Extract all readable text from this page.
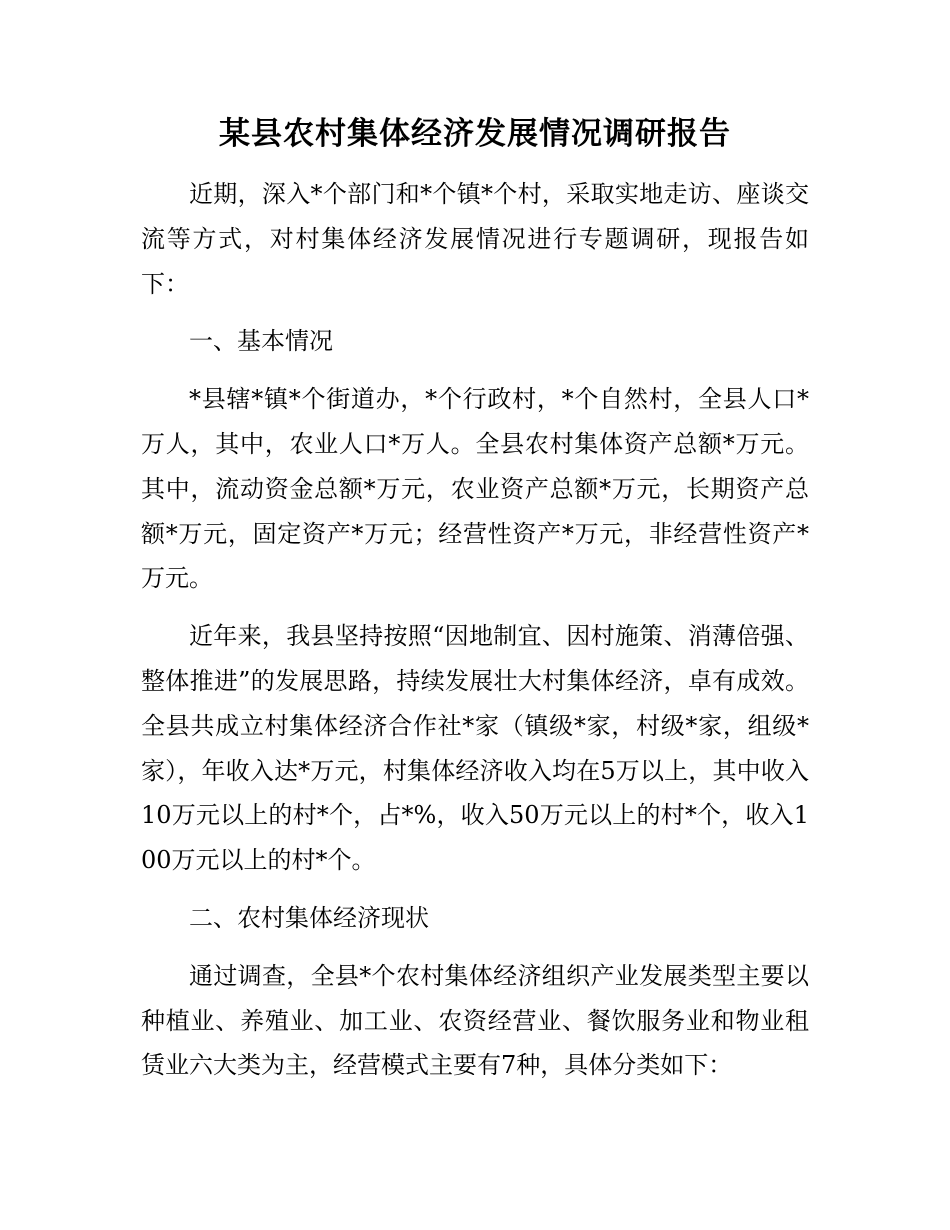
某县农村集体经济发展情况调研报告

近期，深入*个部门和*个镇*个村，采取实地走访、座谈交流等方式，对村集体经济发展情况进行专题调研，现报告如下：

一、基本情况

*县辖*镇*个街道办，*个行政村，*个自然村，全县人口*万人，其中，农业人口*万人。全县农村集体资产总额*万元。其中，流动资金总额*万元，农业资产总额*万元，长期资产总额*万元，固定资产*万元；经营性资产*万元，非经营性资产*万元。

近年来，我县坚持按照“因地制宜、因村施策、消薄倍强、整体推进”的发展思路，持续发展壮大村集体经济，卓有成效。全县共成立村集体经济合作社*家（镇级*家，村级*家，组级*家），年收入达*万元，村集体经济收入均在5万以上，其中收入10万元以上的村*个，占*%，收入50万元以上的村*个，收入100万元以上的村*个。

二、农村集体经济现状

通过调查，全县*个农村集体经济组织产业发展类型主要以种植业、养殖业、加工业、农资经营业、餐饮服务业和物业租赁业六大类为主，经营模式主要有7种，具体分类如下：
